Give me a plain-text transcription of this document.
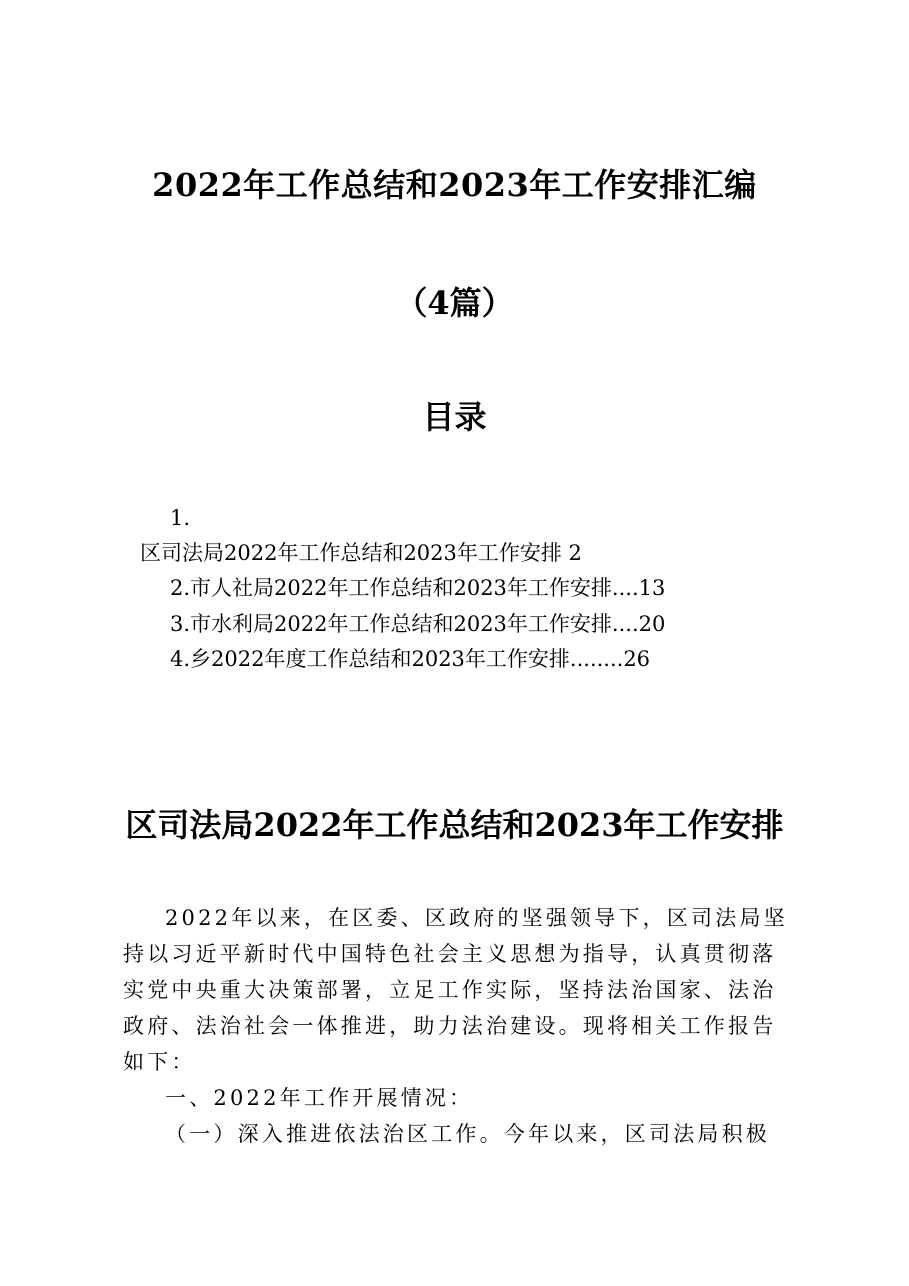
2022年工作总结和2023年工作安排汇编
（4篇）
目录
1.
区司法局2022年工作总结和2023年工作安排 2
2.市人社局2022年工作总结和2023年工作安排....13
3.市水利局2022年工作总结和2023年工作安排....20
4.乡2022年度工作总结和2023年工作安排........26
区司法局2022年工作总结和2023年工作安排

2022年以来，在区委、区政府的坚强领导下，区司法局坚持以习近平新时代中国特色社会主义思想为指导，认真贯彻落实党中央重大决策部署，立足工作实际，坚持法治国家、法治政府、法治社会一体推进，助力法治建设。现将相关工作报告如下：

一、2022年工作开展情况：

（一）深入推进依法治区工作。今年以来，区司法局积极
